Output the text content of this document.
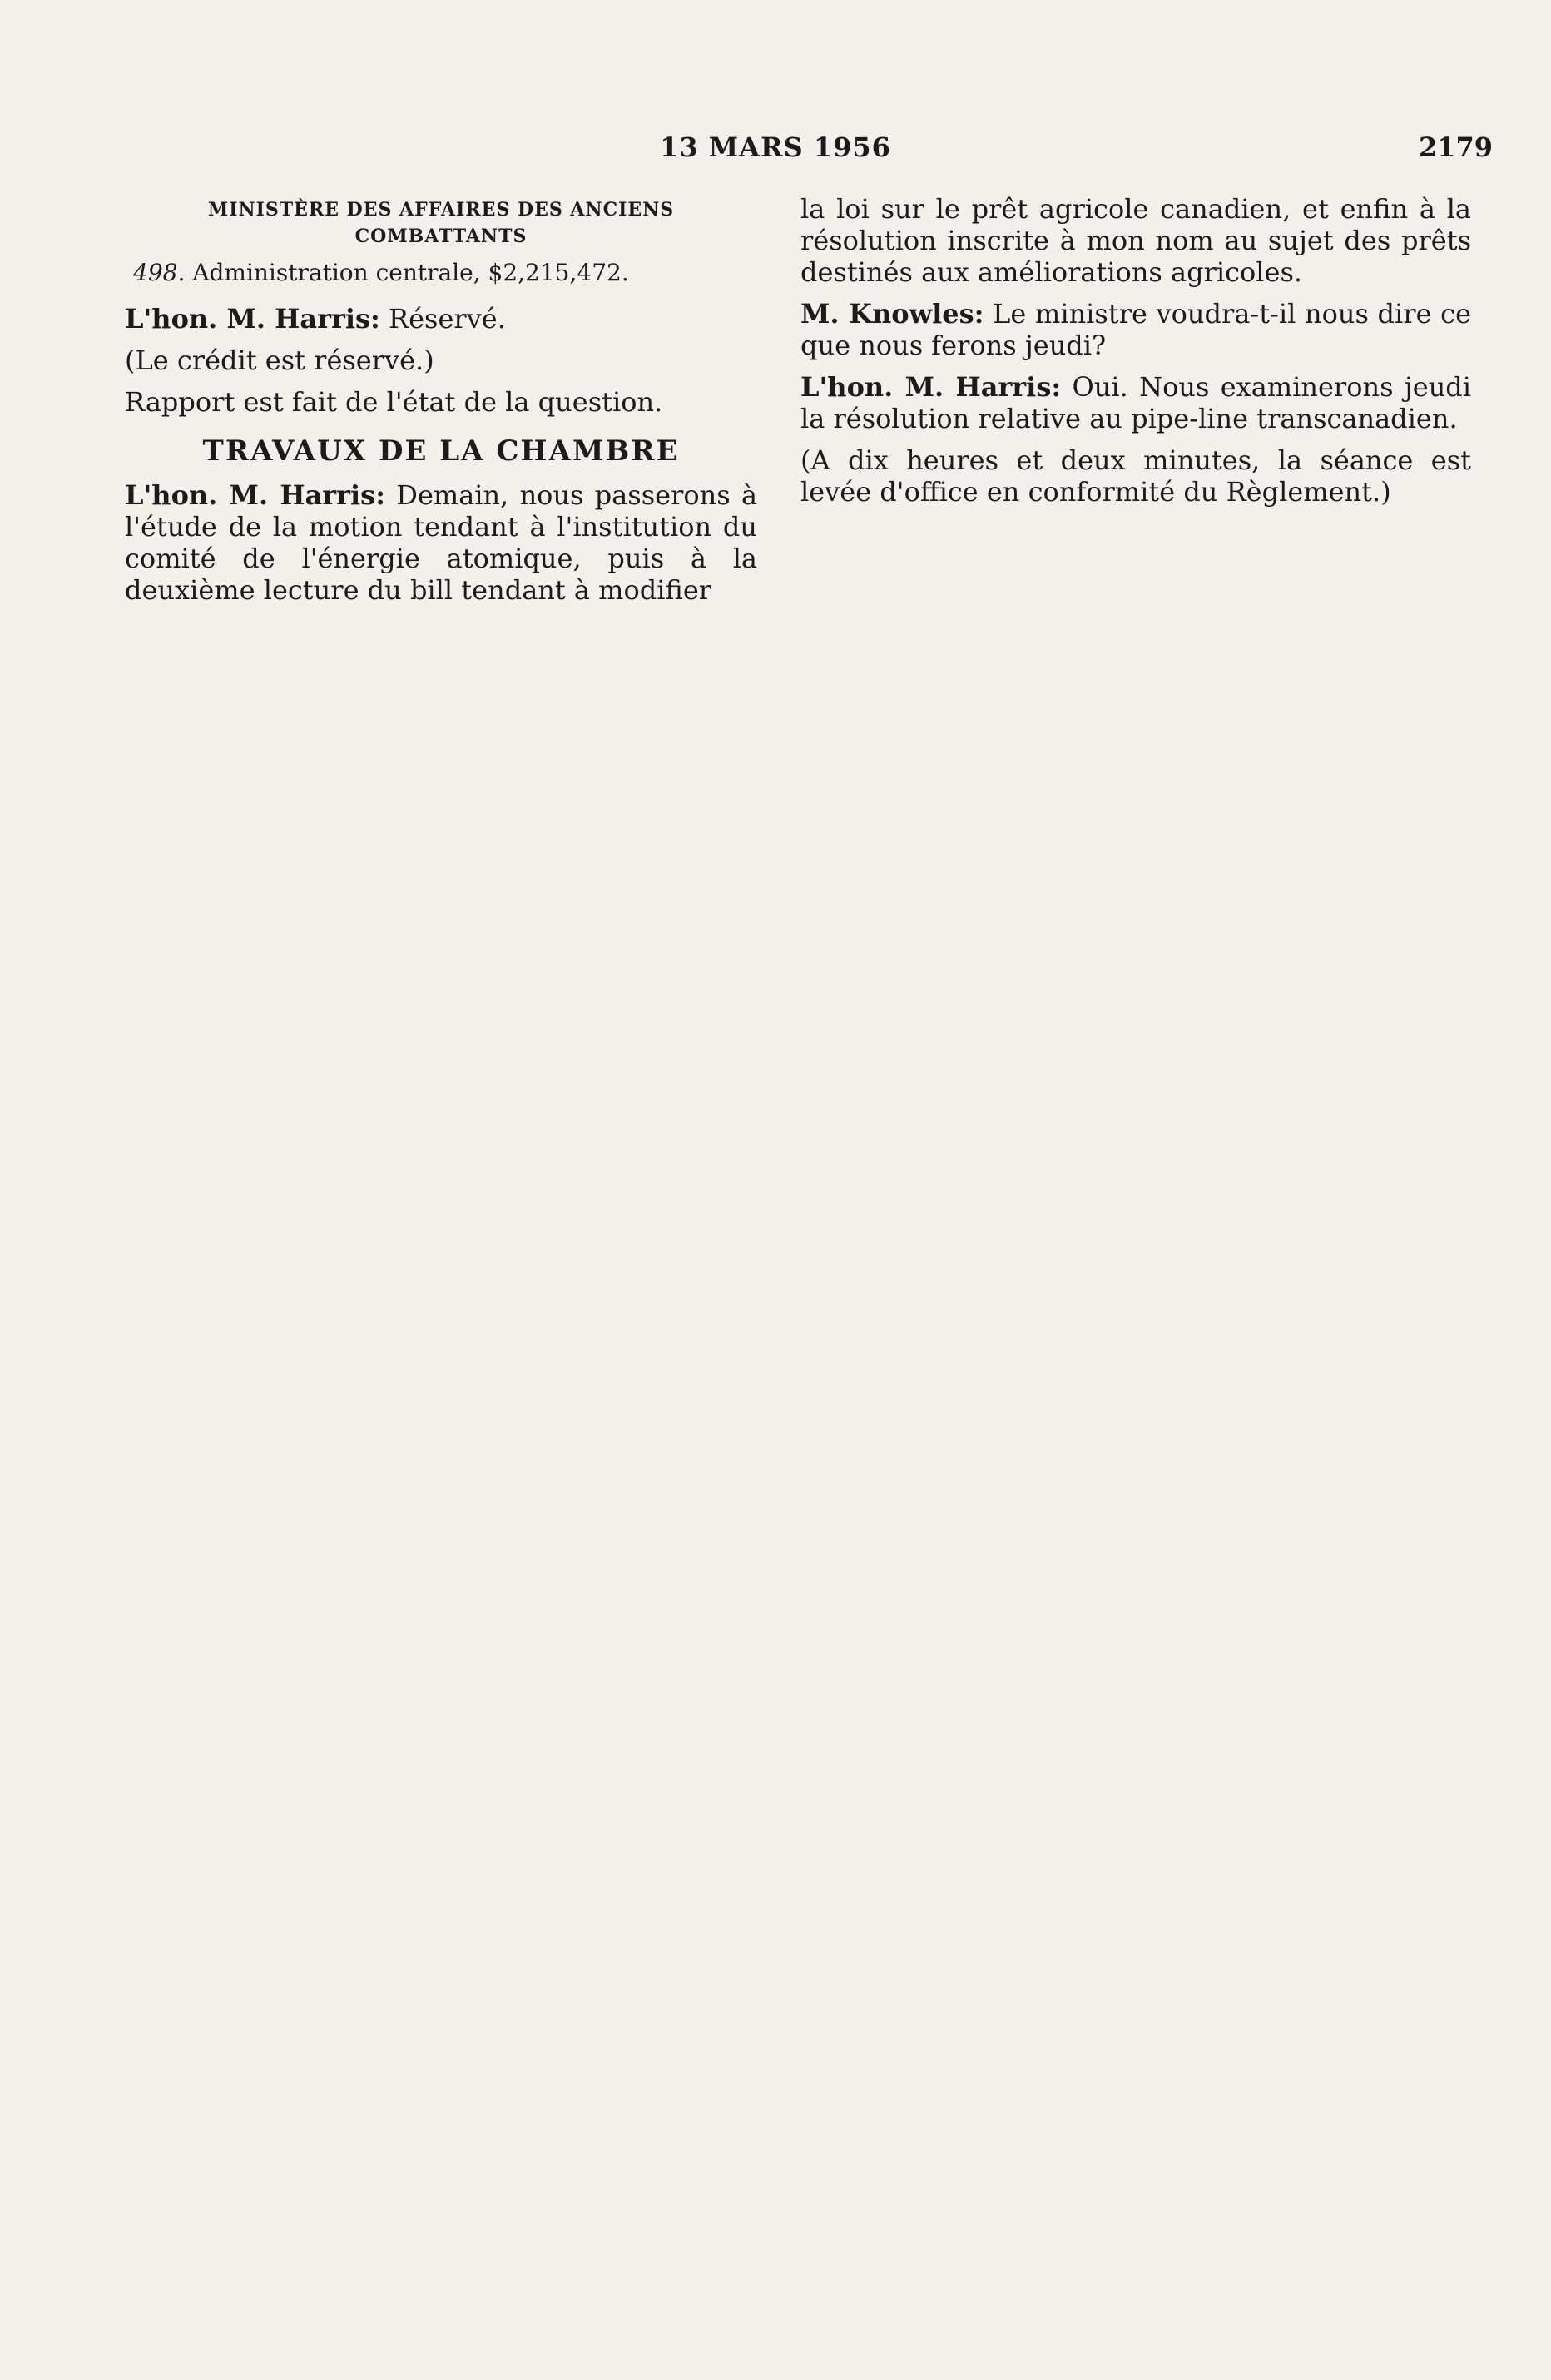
13 MARS 1956	2179
MINISTÈRE DES AFFAIRES DES ANCIENS COMBATTANTS
498. Administration centrale, $2,215,472.
L'hon. M. Harris: Réservé.
(Le crédit est réservé.)
Rapport est fait de l'état de la question.
TRAVAUX DE LA CHAMBRE
L'hon. M. Harris: Demain, nous passerons à l'étude de la motion tendant à l'institution du comité de l'énergie atomique, puis à la deuxième lecture du bill tendant à modifier
la loi sur le prêt agricole canadien, et enfin à la résolution inscrite à mon nom au sujet des prêts destinés aux améliorations agricoles.
M. Knowles: Le ministre voudra-t-il nous dire ce que nous ferons jeudi?
L'hon. M. Harris: Oui. Nous examinerons jeudi la résolution relative au pipe-line transcanadien.
(A dix heures et deux minutes, la séance est levée d'office en conformité du Règlement.)
